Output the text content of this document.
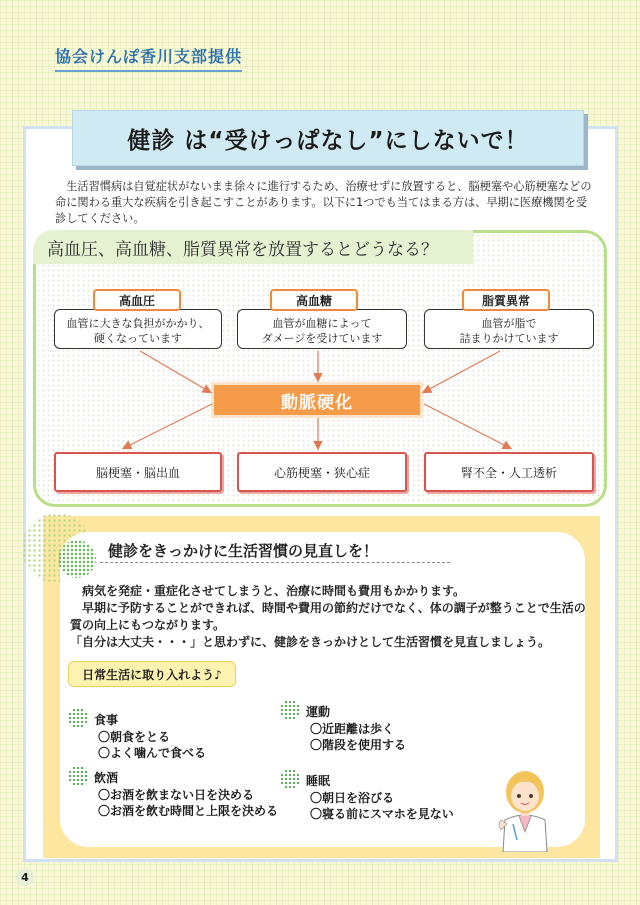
協会けんぽ香川支部提供
健診 は“受けっぱなし”にしないで！

生活習慣病は自覚症状がないまま徐々に進行するため、治療せずに放置すると、脳梗塞や心筋梗塞などの命に関わる重大な疾病を引き起こすことがあります。以下に1つでも当てはまる方は、早期に医療機関を受診してください。

高血圧、高血糖、脂質異常を放置するとどうなる？
高血圧
血管に大きな負担がかかり、
硬くなっています
高血糖
血管が血糖によって
ダメージを受けています
脂質異常
血管が脂で
詰まりかけています
動脈硬化
脳梗塞・脳出血	心筋梗塞・狭心症	腎不全・人工透析
健診をきっかけに生活習慣の見直しを！

病気を発症・重症化させてしまうと、治療に時間も費用もかかります。

早期に予防することができれば、時間や費用の節約だけでなく、体の調子が整うことで生活の質の向上にもつながります。

「自分は大丈夫・・・」と思わずに、健診をきっかけとして生活習慣を見直しましょう。

日常生活に取り入れよう♪
食事
〇朝食をとる
〇よく噛んで食べる
運動
〇近距離は歩く
〇階段を使用する
飲酒
〇お酒を飲まない日を決める
〇お酒を飲む時間と上限を決める
睡眠
〇朝日を浴びる
〇寝る前にスマホを見ない
4
